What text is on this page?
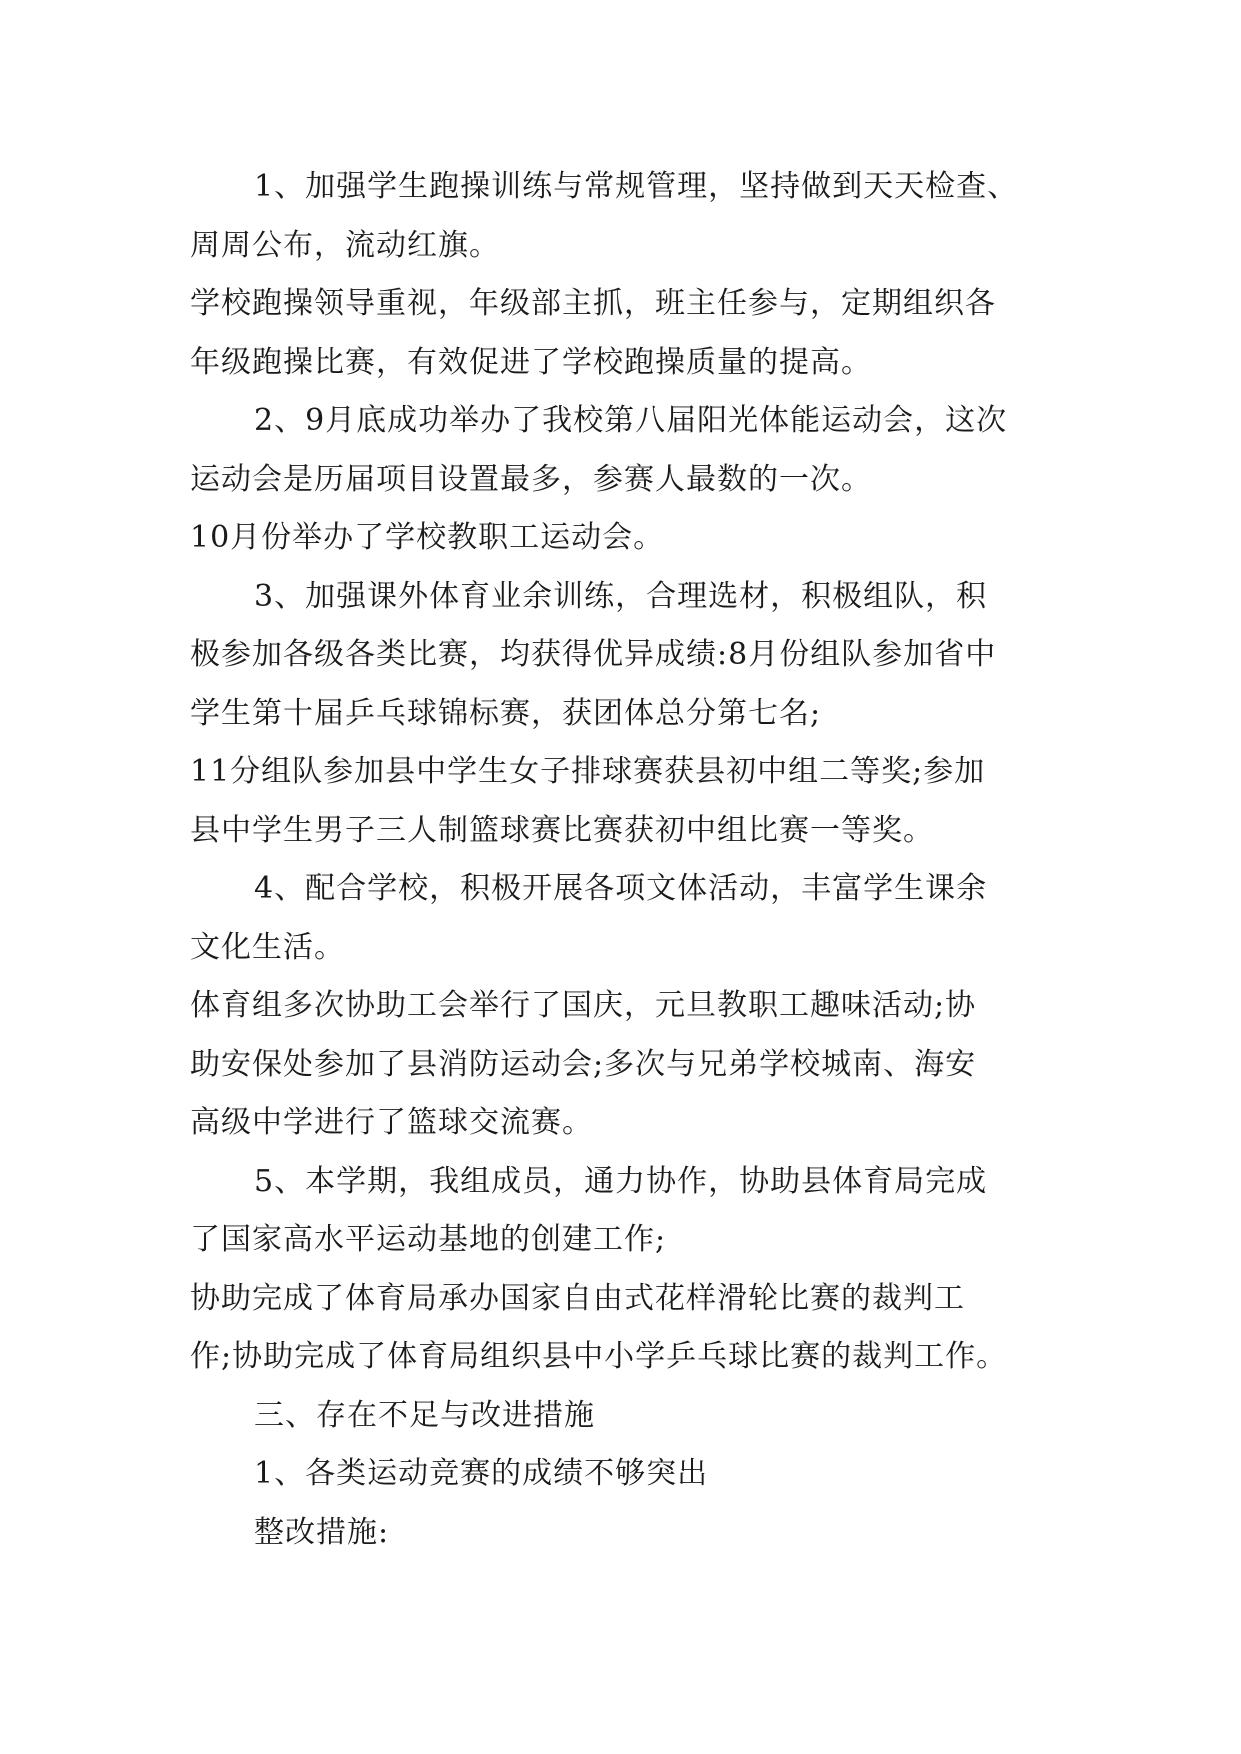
1、加强学生跑操训练与常规管理，坚持做到天天检查、
周周公布，流动红旗。
学校跑操领导重视，年级部主抓，班主任参与，定期组织各
年级跑操比赛，有效促进了学校跑操质量的提高。
2、9月底成功举办了我校第八届阳光体能运动会，这次
运动会是历届项目设置最多，参赛人最数的一次。
10月份举办了学校教职工运动会。
3、加强课外体育业余训练，合理选材，积极组队，积
极参加各级各类比赛，均获得优异成绩:8月份组队参加省中
学生第十届乒乓球锦标赛，获团体总分第七名;
11分组队参加县中学生女子排球赛获县初中组二等奖;参加
县中学生男子三人制篮球赛比赛获初中组比赛一等奖。
4、配合学校，积极开展各项文体活动，丰富学生课余
文化生活。
体育组多次协助工会举行了国庆，元旦教职工趣味活动;协
助安保处参加了县消防运动会;多次与兄弟学校城南、海安
高级中学进行了篮球交流赛。
5、本学期，我组成员，通力协作，协助县体育局完成
了国家高水平运动基地的创建工作;
协助完成了体育局承办国家自由式花样滑轮比赛的裁判工
作;协助完成了体育局组织县中小学乒乓球比赛的裁判工作。
三、存在不足与改进措施
1、各类运动竞赛的成绩不够突出
整改措施:
